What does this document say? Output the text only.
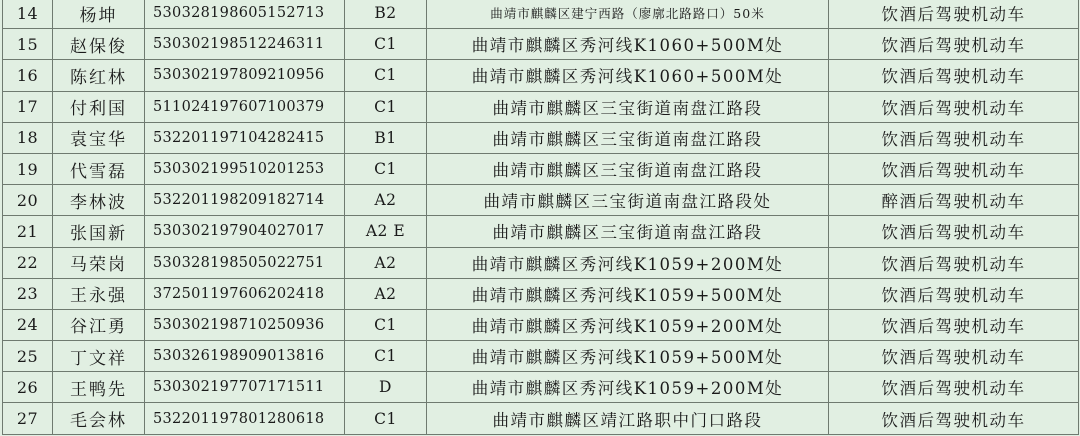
14	杨坤	530328198605152713	B2	曲靖市麒麟区建宁西路（廖廓北路路口）50米	饮酒后驾驶机动车
15	赵保俊	530302198512246311	C1	曲靖市麒麟区秀河线K1060+500M处	饮酒后驾驶机动车
16	陈红林	530302197809210956	C1	曲靖市麒麟区秀河线K1060+500M处	饮酒后驾驶机动车
17	付利国	511024197607100379	C1	曲靖市麒麟区三宝街道南盘江路段	饮酒后驾驶机动车
18	袁宝华	532201197104282415	B1	曲靖市麒麟区三宝街道南盘江路段	饮酒后驾驶机动车
19	代雪磊	530302199510201253	C1	曲靖市麒麟区三宝街道南盘江路段	饮酒后驾驶机动车
20	李林波	532201198209182714	A2	曲靖市麒麟区三宝街道南盘江路段处	醉酒后驾驶机动车
21	张国新	530302197904027017	A2 E	曲靖市麒麟区三宝街道南盘江路段	饮酒后驾驶机动车
22	马荣岗	530328198505022751	A2	曲靖市麒麟区秀河线K1059+200M处	饮酒后驾驶机动车
23	王永强	372501197606202418	A2	曲靖市麒麟区秀河线K1059+500M处	饮酒后驾驶机动车
24	谷江勇	530302198710250936	C1	曲靖市麒麟区秀河线K1059+200M处	饮酒后驾驶机动车
25	丁文祥	530326198909013816	C1	曲靖市麒麟区秀河线K1059+500M处	饮酒后驾驶机动车
26	王鸭先	530302197707171511	D	曲靖市麒麟区秀河线K1059+200M处	饮酒后驾驶机动车
27	毛会林	532201197801280618	C1	曲靖市麒麟区靖江路职中门口路段	饮酒后驾驶机动车
